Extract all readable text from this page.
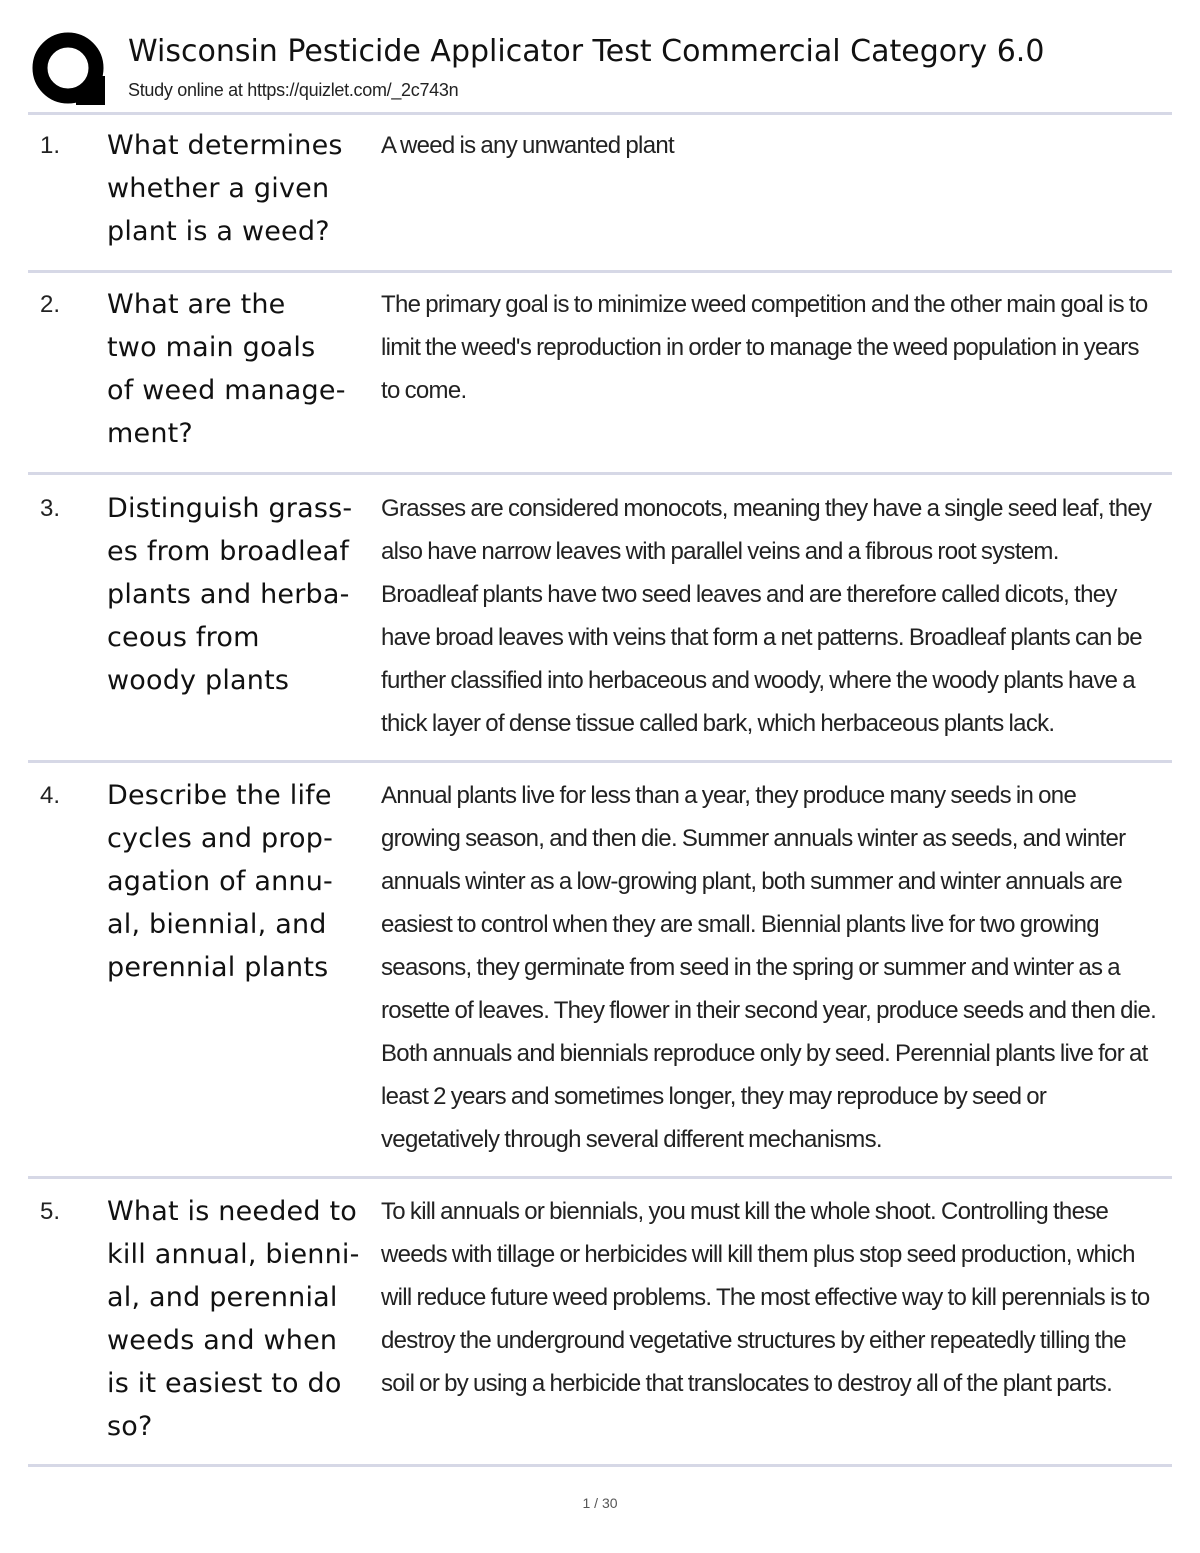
Wisconsin Pesticide Applicator Test Commercial Category 6.0
Study online at https://quizlet.com/_2c743n
1. What determines
whether a given
plant is a weed?
A weed is any unwanted plant
2. What are the
two main goals
of weed manage-
ment?
The primary goal is to minimize weed competition and the other main goal is to limit the weed's reproduction in order to manage the weed population in years to come.
3. Distinguish grass-
es from broadleaf
plants and herba-
ceous from
woody plants
Grasses are considered monocots, meaning they have a single seed leaf, they also have narrow leaves with parallel veins and a fibrous root system. Broadleaf plants have two seed leaves and are therefore called dicots, they have broad leaves with veins that form a net patterns. Broadleaf plants can be further classified into herbaceous and woody, where the woody plants have a thick layer of dense tissue called bark, which herbaceous plants lack.
4. Describe the life
cycles and prop-
agation of annu-
al, biennial, and
perennial plants
Annual plants live for less than a year, they produce many seeds in one growing season, and then die. Summer annuals winter as seeds, and winter annuals winter as a low-growing plant, both summer and winter annuals are easiest to control when they are small. Biennial plants live for two growing seasons, they germinate from seed in the spring or summer and winter as a rosette of leaves. They flower in their second year, produce seeds and then die. Both annuals and biennials reproduce only by seed. Perennial plants live for at least 2 years and sometimes longer, they may reproduce by seed or vegetatively through several different mechanisms.
5. What is needed to
kill annual, bienni-
al, and perennial
weeds and when
is it easiest to do
so?
To kill annuals or biennials, you must kill the whole shoot. Controlling these weeds with tillage or herbicides will kill them plus stop seed production, which will reduce future weed problems. The most effective way to kill perennials is to destroy the underground vegetative structures by either repeatedly tilling the soil or by using a herbicide that translocates to destroy all of the plant parts.
1 / 30
